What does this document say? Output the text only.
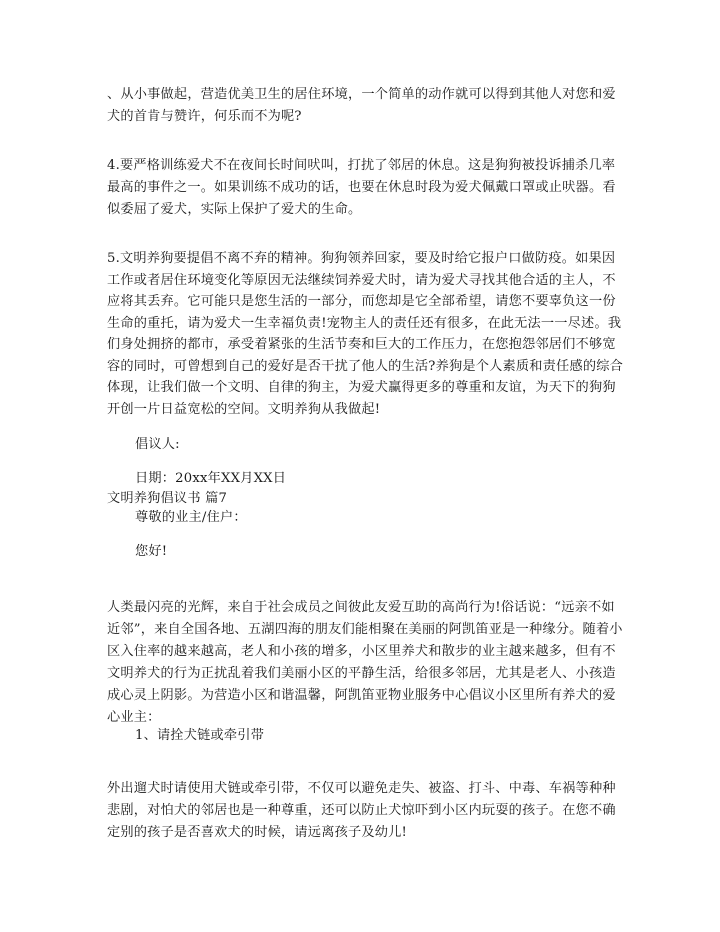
、从小事做起，营造优美卫生的居住环境，一个简单的动作就可以得到其他人对您和爱犬的首肯与赞许，何乐而不为呢?

4.要严格训练爱犬不在夜间长时间吠叫，打扰了邻居的休息。这是狗狗被投诉捕杀几率最高的事件之一。如果训练不成功的话，也要在休息时段为爱犬佩戴口罩或止吠器。看似委屈了爱犬，实际上保护了爱犬的生命。

5.文明养狗要提倡不离不弃的精神。狗狗领养回家，要及时给它报户口做防疫。如果因工作或者居住环境变化等原因无法继续饲养爱犬时，请为爱犬寻找其他合适的主人，不应将其丢弃。它可能只是您生活的一部分，而您却是它全部希望，请您不要辜负这一份生命的重托，请为爱犬一生幸福负责!宠物主人的责任还有很多，在此无法一一尽述。我们身处拥挤的都市，承受着紧张的生活节奏和巨大的工作压力，在您抱怨邻居们不够宽容的同时，可曾想到自己的爱好是否干扰了他人的生活?养狗是个人素质和责任感的综合体现，让我们做一个文明、自律的狗主，为爱犬赢得更多的尊重和友谊，为天下的狗狗开创一片日益宽松的空间。文明养狗从我做起!

倡议人:

日期：20xx年XX月XX日

文明养狗倡议书 篇7

尊敬的业主/住户：

您好!

人类最闪亮的光辉，来自于社会成员之间彼此友爱互助的高尚行为!俗话说：“远亲不如近邻”，来自全国各地、五湖四海的朋友们能相聚在美丽的阿凯笛亚是一种缘分。随着小区入住率的越来越高，老人和小孩的增多，小区里养犬和散步的业主越来越多，但有不文明养犬的行为正扰乱着我们美丽小区的平静生活，给很多邻居，尤其是老人、小孩造成心灵上阴影。为营造小区和谐温馨，阿凯笛亚物业服务中心倡议小区里所有养犬的爱心业主：

1、请拴犬链或牵引带

外出遛犬时请使用犬链或牵引带，不仅可以避免走失、被盗、打斗、中毒、车祸等种种悲剧，对怕犬的邻居也是一种尊重，还可以防止犬惊吓到小区内玩耍的孩子。在您不确定别的孩子是否喜欢犬的时候，请远离孩子及幼儿!
